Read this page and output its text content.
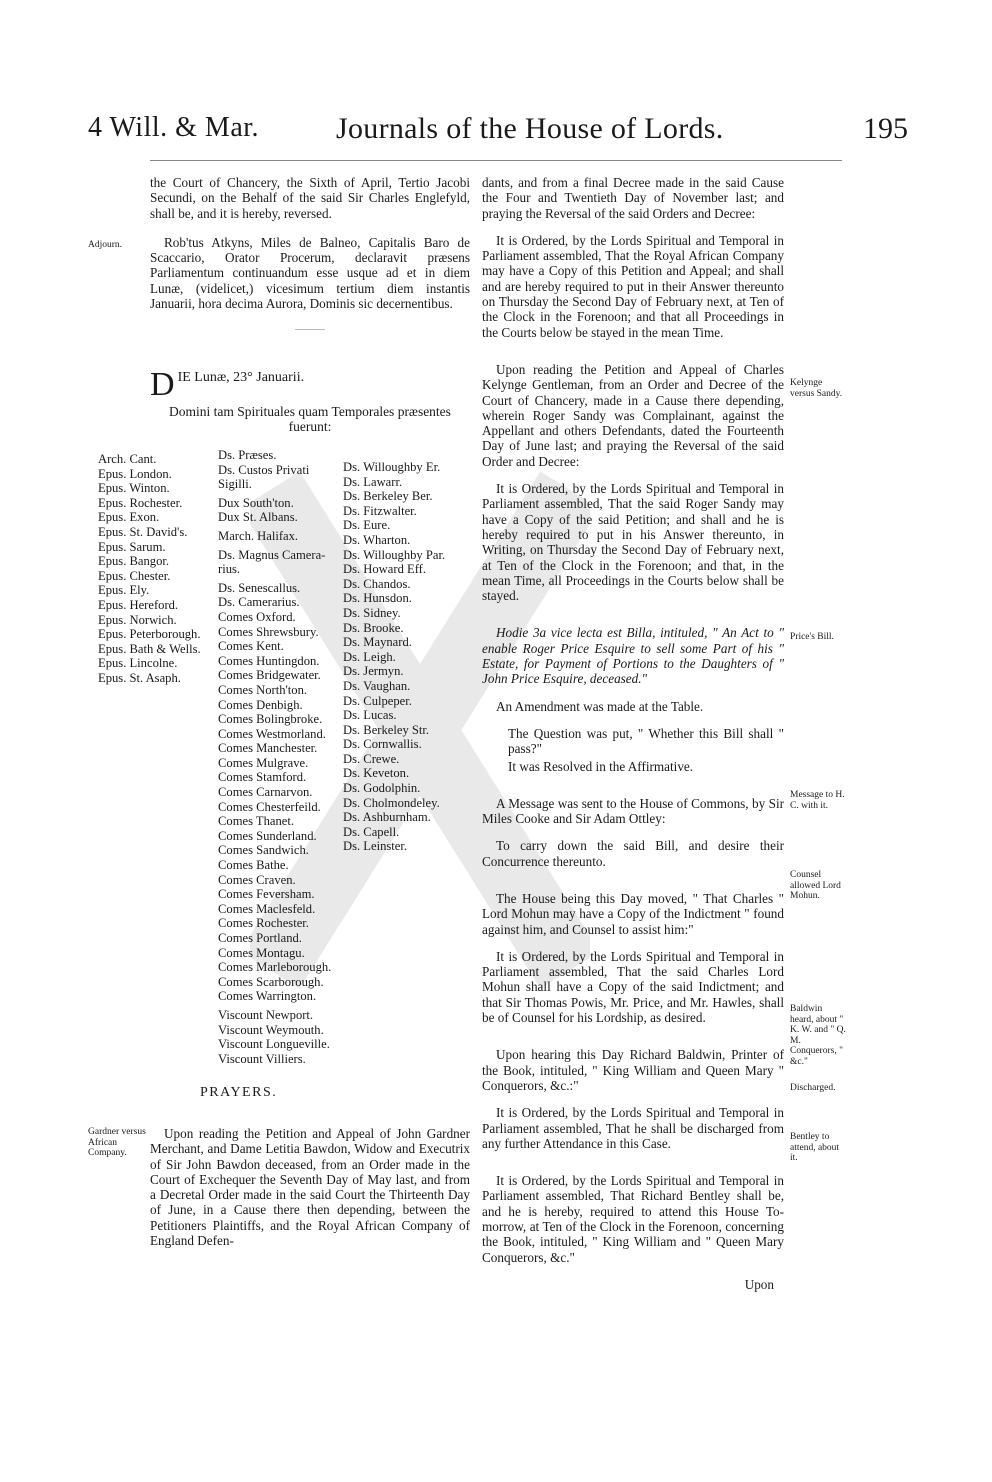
4 Will. & Mar.	Journals of the House of Lords.	195

the Court of Chancery, the Sixth of April, Tertio Jacobi Secundi, on the Behalf of the said Sir Charles Englefyld, shall be, and it is hereby, reversed.

Rob'tus Atkyns, Miles de Balneo, Capitalis Baro de Scaccario, Orator Procerum, declaravit præsens Parliamentum continuandum esse usque ad et in diem Lunæ, (videlicet,) vicesimum tertium diem instantis Januarii, hora decima Aurora, Dominis sic decernentibus.

D IE Lunæ, 23° Januarii.
Domini tam Spirituales quam Temporales præsentes
fuerunt:
Adjourn.
Arch. Cant.
Epus. London.
Epus. Winton.
Epus. Rochester.
Epus. Exon.
Epus. St. David's.
Epus. Sarum.
Epus. Bangor.
Epus. Chester.
Epus. Ely.
Epus. Hereford.
Epus. Norwich.
Epus. Peterborough.
Epus. Bath & Wells.
Epus. Lincolne.
Epus. St. Asaph.
Ds. Præses.
Ds. Custos Privati
Sigilli.
Dux South'ton.
Dux St. Albans.
March. Halifax.
Ds. Magnus Camera-
rius.
Ds. Senescallus.
Ds. Camerarius.
Comes Oxford.
Comes Shrewsbury.
Comes Kent.
Comes Huntingdon.
Comes Bridgewater.
Comes North'ton.
Comes Denbigh.
Comes Bolingbroke.
Comes Westmorland.
Comes Manchester.
Comes Mulgrave.
Comes Stamford.
Comes Carnarvon.
Comes Chesterfeild.
Comes Thanet.
Comes Sunderland.
Comes Sandwich.
Comes Bathe.
Comes Craven.
Comes Feversham.
Comes Maclesfeld.
Comes Rochester.
Comes Portland.
Comes Montagu.
Comes Marleborough.
Comes Scarborough.
Comes Warrington.
Viscount Newport.
Viscount Weymouth.
Viscount Longueville.
Viscount Villiers.
Ds. Willoughby Er.
Ds. Lawarr.
Ds. Berkeley Ber.
Ds. Fitzwalter.
Ds. Eure.
Ds. Wharton.
Ds. Willoughby Par.
Ds. Howard Eff.
Ds. Chandos.
Ds. Hunsdon.
Ds. Sidney.
Ds. Brooke.
Ds. Maynard.
Ds. Leigh.
Ds. Jermyn.
Ds. Vaughan.
Ds. Culpeper.
Ds. Lucas.
Ds. Berkeley Str.
Ds. Cornwallis.
Ds. Crewe.
Ds. Keveton.
Ds. Godolphin.
Ds. Cholmondeley.
Ds. Ashburnham.
Ds. Capell.
Ds. Leinster.
PRAYERS.
Gardner versus African Company.

Upon reading the Petition and Appeal of John Gardner Merchant, and Dame Letitia Bawdon, Widow and Executrix of Sir John Bawdon deceased, from an Order made in the Court of Exchequer the Seventh Day of May last, and from a Decretal Order made in the said Court the Thirteenth Day of June, in a Cause there then depending, between the Petitioners Plaintiffs, and the Royal African Company of England Defen-

dants, and from a final Decree made in the said Cause the Four and Twentieth Day of November last; and praying the Reversal of the said Orders and Decree:

It is Ordered, by the Lords Spiritual and Temporal in Parliament assembled, That the Royal African Company may have a Copy of this Petition and Appeal; and shall and are hereby required to put in their Answer thereunto on Thursday the Second Day of February next, at Ten of the Clock in the Forenoon; and that all Proceedings in the Courts below be stayed in the mean Time.

Upon reading the Petition and Appeal of Charles Kelynge Gentleman, from an Order and Decree of the Court of Chancery, made in a Cause there depending, wherein Roger Sandy was Complainant, against the Appellant and others Defendants, dated the Fourteenth Day of June last; and praying the Reversal of the said Order and Decree:

It is Ordered, by the Lords Spiritual and Temporal in Parliament assembled, That the said Roger Sandy may have a Copy of the said Petition; and shall and he is hereby required to put in his Answer thereunto, in Writing, on Thursday the Second Day of February next, at Ten of the Clock in the Forenoon; and that, in the mean Time, all Proceedings in the Courts below shall be stayed.

Hodie 3a vice lecta est Billa, intituled, " An Act to " enable Roger Price Esquire to sell some Part of his " Estate, for Payment of Portions to the Daughters of " John Price Esquire, deceased."

An Amendment was made at the Table.

The Question was put, " Whether this Bill shall " pass?"

It was Resolved in the Affirmative.

A Message was sent to the House of Commons, by Sir Miles Cooke and Sir Adam Ottley:

To carry down the said Bill, and desire their Concurrence thereunto.

The House being this Day moved, " That Charles " Lord Mohun may have a Copy of the Indictment " found against him, and Counsel to assist him:"

It is Ordered, by the Lords Spiritual and Temporal in Parliament assembled, That the said Charles Lord Mohun shall have a Copy of the said Indictment; and that Sir Thomas Powis, Mr. Price, and Mr. Hawles, shall be of Counsel for his Lordship, as desired.

Upon hearing this Day Richard Baldwin, Printer of the Book, intituled, " King William and Queen Mary " Conquerors, &c.:"

It is Ordered, by the Lords Spiritual and Temporal in Parliament assembled, That he shall be discharged from any further Attendance in this Case.

It is Ordered, by the Lords Spiritual and Temporal in Parliament assembled, That Richard Bentley shall be, and he is hereby, required to attend this House To-morrow, at Ten of the Clock in the Forenoon, concerning the Book, intituled, " King William and " Queen Mary Conquerors, &c."

Upon

Kelynge versus Sandy.
Price's Bill.
Message to H. C. with it.
Counsel allowed Lord Mohun.
Baldwin heard, about " K. W. and " Q. M. Conquerors, " &c."
Discharged.
Bentley to attend, about it.
